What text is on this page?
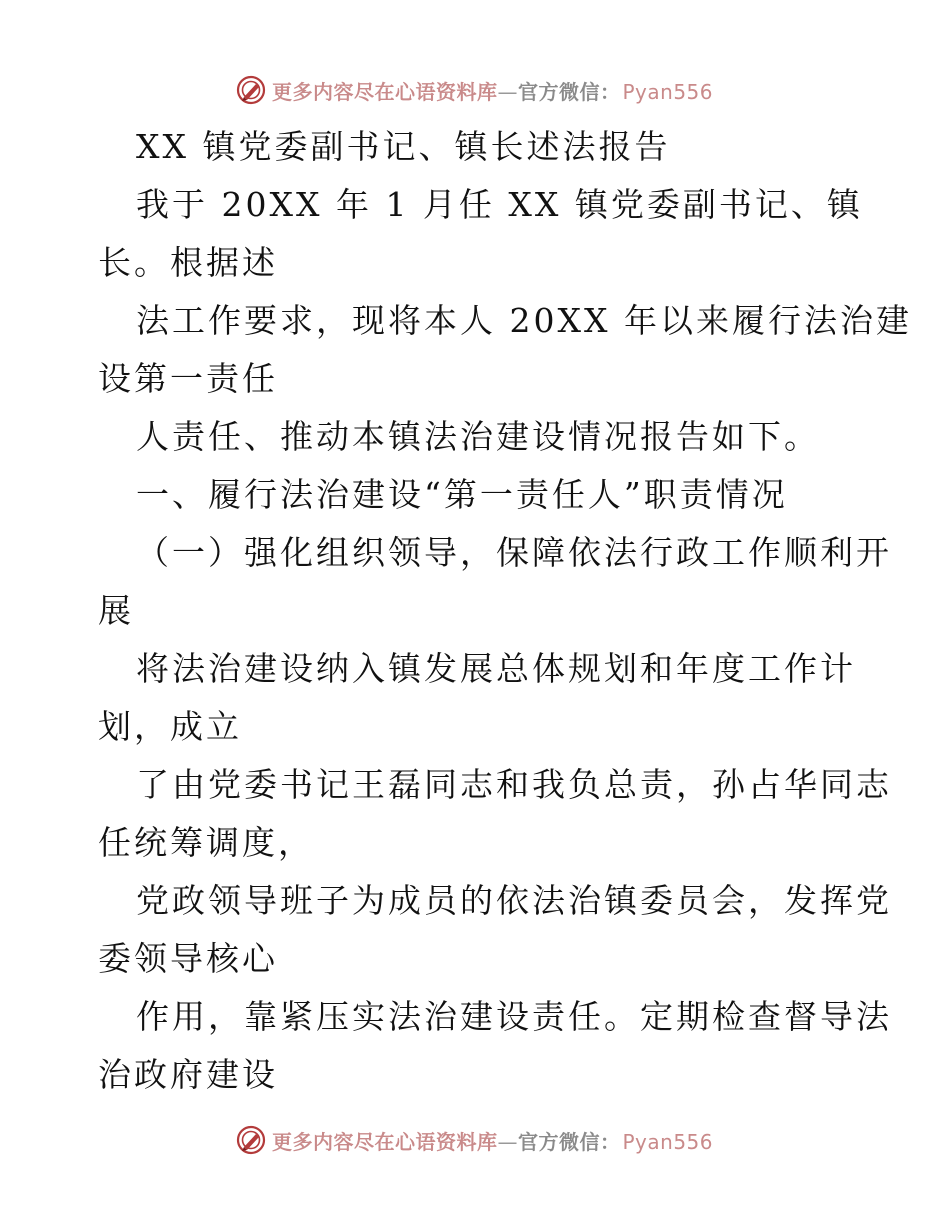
更多内容尽在心语资料库—官方微信： Pyan556
XX 镇党委副书记、镇长述法报告
我于 20XX 年 1 月任 XX 镇党委副书记、镇
长。根据述
法工作要求，现将本人 20XX 年以来履行法治建
设第一责任
人责任、推动本镇法治建设情况报告如下。
一、履行法治建设“第一责任人”职责情况
（一）强化组织领导，保障依法行政工作顺利开
展
将法治建设纳入镇发展总体规划和年度工作计
划，成立
了由党委书记王磊同志和我负总责，孙占华同志
任统筹调度，
党政领导班子为成员的依法治镇委员会，发挥党
委领导核心
作用，靠紧压实法治建设责任。定期检查督导法
治政府建设
更多内容尽在心语资料库—官方微信： Pyan556
